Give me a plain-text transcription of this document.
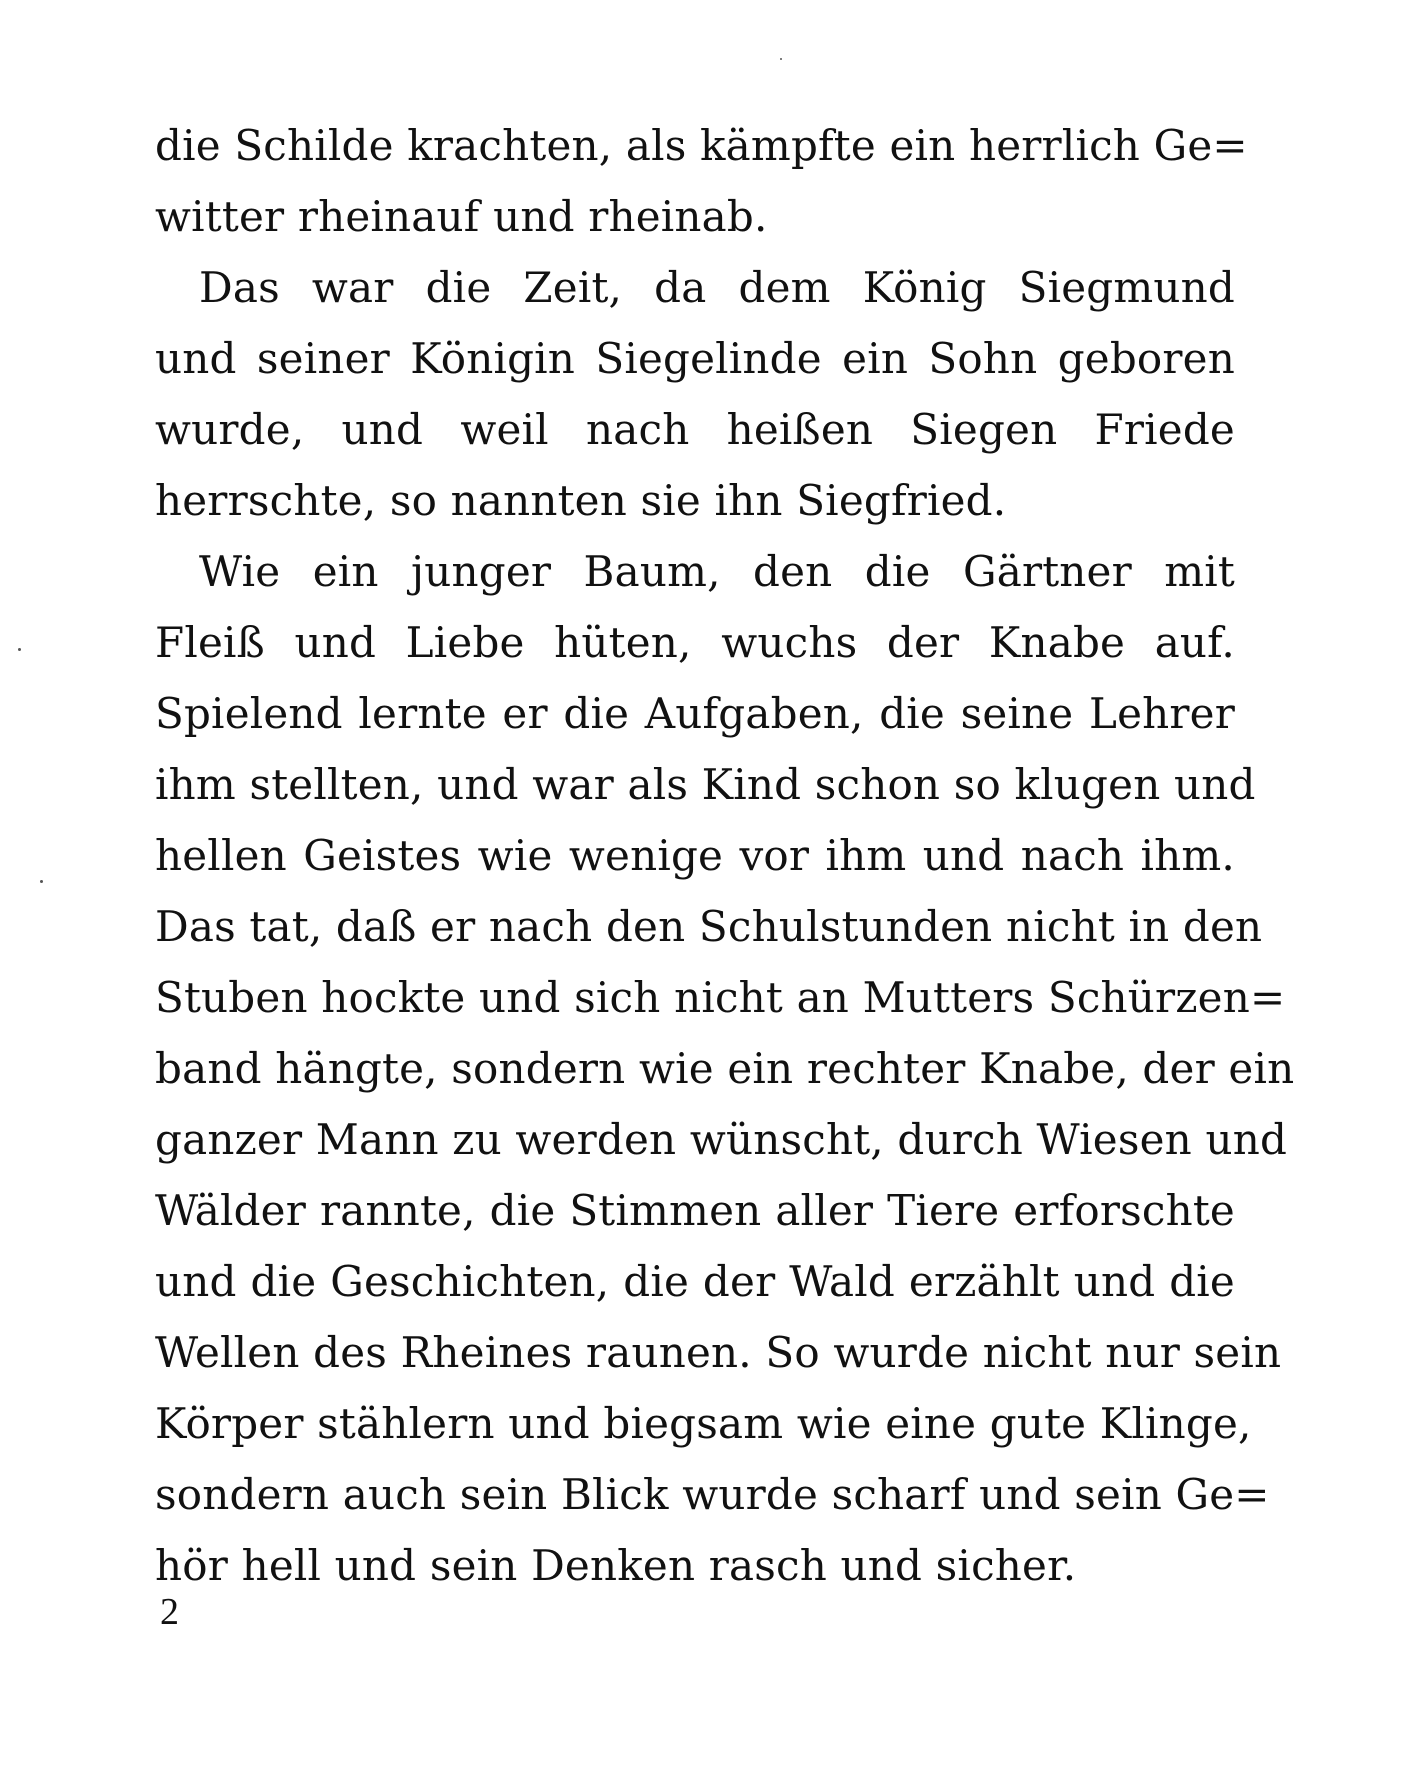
die Schilde krachten, als kämpfte ein herrlich Ge=
witter rheinauf und rheinab.
Das war die Zeit, da dem König Siegmund
und seiner Königin Siegelinde ein Sohn geboren
wurde, und weil nach heißen Siegen Friede
herrschte, so nannten sie ihn Siegfried.
Wie ein junger Baum, den die Gärtner mit
Fleiß und Liebe hüten, wuchs der Knabe auf.
Spielend lernte er die Aufgaben, die seine Lehrer
ihm stellten, und war als Kind schon so klugen und
hellen Geistes wie wenige vor ihm und nach ihm.
Das tat, daß er nach den Schulstunden nicht in den
Stuben hockte und sich nicht an Mutters Schürzen=
band hängte, sondern wie ein rechter Knabe, der ein
ganzer Mann zu werden wünscht, durch Wiesen und
Wälder rannte, die Stimmen aller Tiere erforschte
und die Geschichten, die der Wald erzählt und die
Wellen des Rheines raunen. So wurde nicht nur sein
Körper stählern und biegsam wie eine gute Klinge,
sondern auch sein Blick wurde scharf und sein Ge=
hör hell und sein Denken rasch und sicher.
2
